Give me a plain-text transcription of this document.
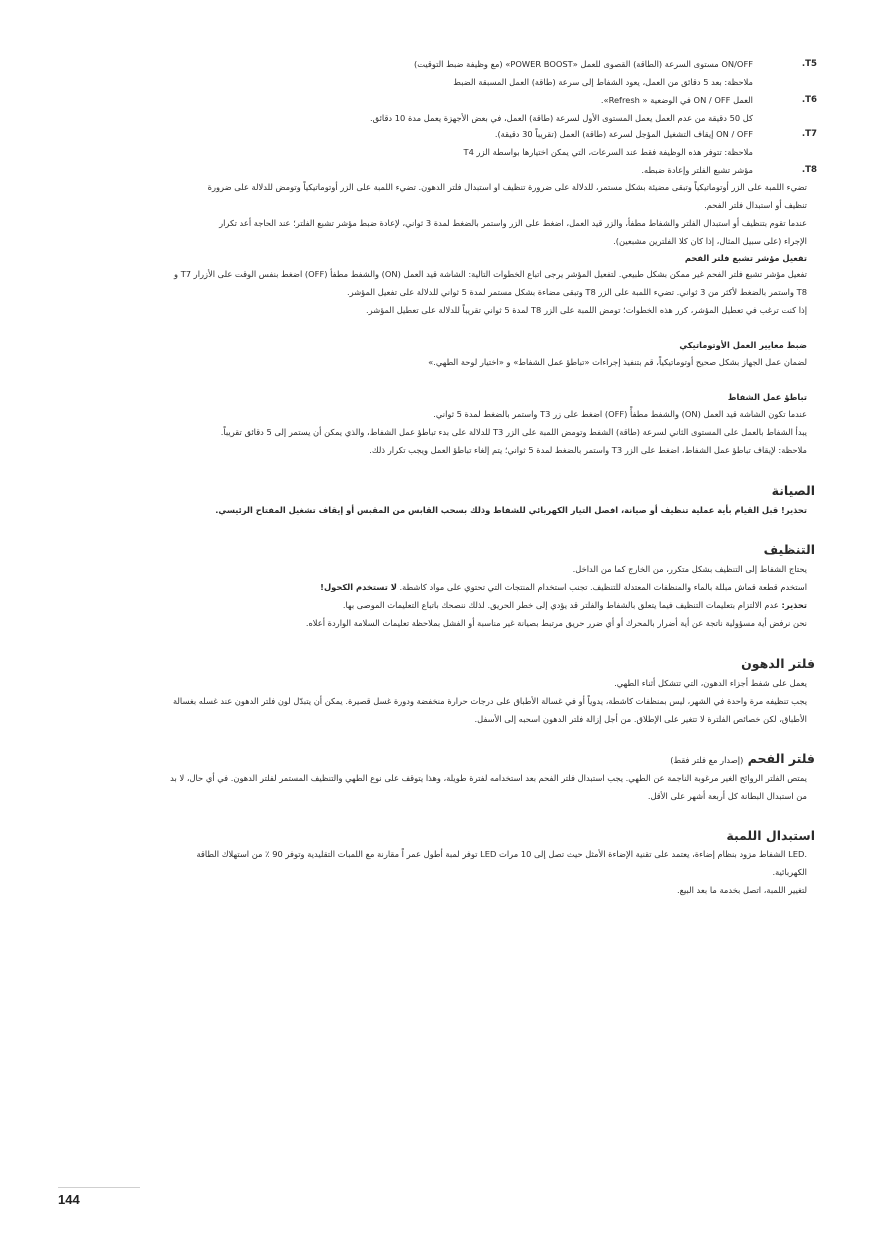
.T5
ON/OFF مستوى السرعة (الطاقة) القصوى للعمل «POWER BOOST» (مع وظيفة ضبط التوقيت)
ملاحظة: بعد 5 دقائق من العمل، يعود الشفاط إلى سرعة (طاقة) العمل المسبقة الضبط
.T6
العمل ON / OFF في الوضعية « Refresh».
كل 50 دقيقة من عدم العمل يعمل المستوى الأول لسرعة (طاقة) العمل، في بعض الأجهزة يعمل مدة 10 دقائق.
.T7
ON / OFF إيقاف التشغيل المؤجل لسرعة (طاقة) العمل (تقريباً 30 دقيقة).
ملاحظة: تتوفر هذه الوظيفة فقط عند السرعات، التي يمكن اختيارها بواسطة الزر T4
.T8
مؤشر تشبع الفلتر وإعادة ضبطه.
تضيء اللمبة على الزر أوتوماتيكياً وتبقى مضيئة بشكل مستمر، للدلالة على ضرورة تنظيف او استبدال فلتر الدهون. تضيء اللمبة على الزر أوتوماتيكياً وتومض للدلالة على ضرورة
تنظيف أو استبدال فلتر الفحم.
عندما تقوم بتنظيف أو استبدال الفلتر والشفاط مطفأ، والزر قيد العمل، اضغط على الزر واستمر بالضغط لمدة 3 ثواني، لإعادة ضبط مؤشر تشبع الفلتر؛ عند الحاجة أعد تكرار
الإجراء (على سبيل المثال، إذا كان كلا الفلترين مشبعين).
تفعيل مؤشر تشبع فلتر الفحم
تفعيل مؤشر تشبع فلتر الفحم غير ممكن بشكل طبيعي. لتفعيل المؤشر يرجى اتباع الخطوات التالية: الشاشة قيد العمل (ON) والشفط مطفأ (OFF) اضغط بنفس الوقت على الأزرار T7 و
T8 واستمر بالضغط لأكثر من 3 ثواني. تضيء اللمبة على الزر T8 وتبقى مضاءة بشكل مستمر لمدة 5 ثواني للدلالة على تفعيل المؤشر.
إذا كنت ترغب في تعطيل المؤشر، كرر هذه الخطوات؛ تومض اللمبة على الزر T8 لمدة 5 ثواني تقريباً للدلالة على تعطيل المؤشر.
ضبط معايير العمل الأوتوماتيكي
لضمان عمل الجهاز بشكل صحيح أوتوماتيكياً، قم بتنفيذ إجراءات «تباطؤ عمل الشفاط» و «اختيار لوحة الطهي.»
تباطؤ عمل الشفاط
عندما تكون الشاشة قيد العمل (ON) والشفط مطفأً (OFF) اضغط على زر T3 واستمر بالضغط لمدة 5 ثواني.
يبدأ الشفاط بالعمل على المستوى الثاني لسرعة (طاقة) الشفط وتومض اللمبة على الزر T3 للدلالة على بدء تباطؤ عمل الشفاط، والذي يمكن أن يستمر إلى 5 دقائق تقريباً.
ملاحظة: لإيقاف تباطؤ عمل الشفاط، اضغط على الزر T3 واستمر بالضغط لمدة 5 ثواني؛ يتم إلغاء تباطؤ العمل ويجب تكرار ذلك.
الصيانة
تحذير! قبل القيام بأية عملية تنظيف أو صيانة، افصل التيار الكهربائي للشفاط وذلك بسحب القابس من المقبس أو إيقاف تشغيل المفتاح الرئيسي.
التنظيف
يحتاج الشفاط إلى التنظيف بشكل متكرر، من الخارج كما من الداخل.
استخدم قطعة قماش مبللة بالماء والمنظفات المعتدلة للتنظيف. تجنب استخدام المنتجات التي تحتوي على مواد كاشطة. لا تستخدم الكحول!
تحذير: عدم الالتزام بتعليمات التنظيف فيما يتعلق بالشفاط والفلتر قد يؤدي إلى خطر الحريق. لذلك ننصحك باتباع التعليمات الموصى بها.
نحن نرفض أية مسؤولية ناتجة عن أية أضرار بالمحرك أو أي ضرر حريق مرتبط بصيانة غير مناسبة أو الفشل بملاحظة تعليمات السلامة الواردة أعلاه.
فلتر الدهون
يعمل على شفط أجزاء الدهون، التي تتشكل أثناء الطهي.
يجب تنظيفه مرة واحدة في الشهر، ليس بمنظفات كاشطة، يدوياً أو في غسالة الأطباق على درجات حرارة منخفضة ودورة غسل قصيرة. يمكن أن يتبدّل لون فلتر الدهون عند غسله بغسالة
الأطباق، لكن خصائص الفلترة لا تتغير على الإطلاق. من أجل إزالة فلتر الدهون اسحبه إلى الأسفل.
فلتر الفحم (إصدار مع فلتر فقط)
يمتص الفلتر الروائح الغير مرغوبة الناجمة عن الطهي. يجب استبدال فلتر الفحم بعد استخدامه لفترة طويلة، وهذا يتوقف على نوع الطهي والتنظيف المستمر لفلتر الدهون. في أي حال، لا بد
من استبدال البطانة كل أربعة أشهر على الأقل.
استبدال اللمبة
.LED الشفاط مزود بنظام إضاءة، يعتمد على تقنية الإضاءة الأمثل حيث تصل إلى 10 مرات LED توفر لمبة أطول عمر اً مقارنة مع اللمبات التقليدية وتوفر 90 ٪ من استهلاك الطاقة
الكهربائية.
لتغيير اللمبة، اتصل بخدمة ما بعد البيع.
144
